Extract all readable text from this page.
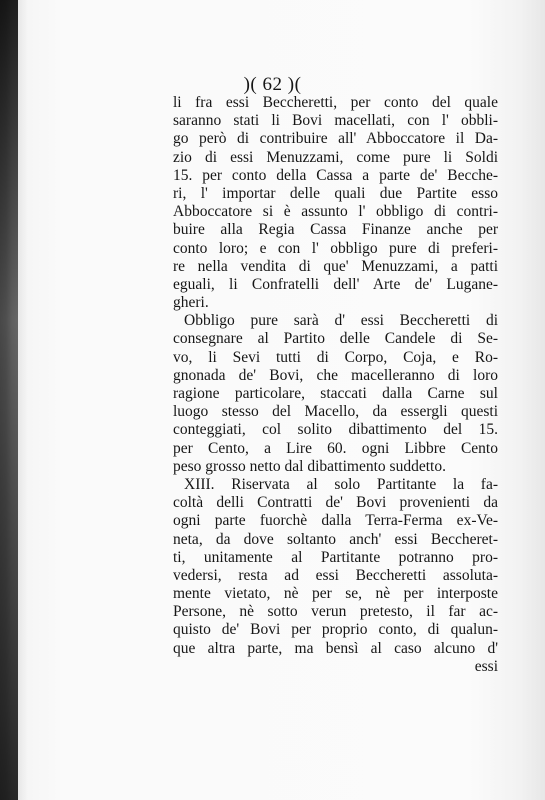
)( 62 )(
li fra essi Beccheretti, per conto del quale
saranno stati li Bovi macellati, con l' obbli-
go però di contribuire all' Abboccatore il Da-
zio di essi Menuzzami, come pure li Soldi
15. per conto della Cassa a parte de' Becche-
ri, l' importar delle quali due Partite esso
Abboccatore si è assunto l' obbligo di contri-
buire alla Regia Cassa Finanze anche per
conto loro; e con l' obbligo pure di preferi-
re nella vendita di que' Menuzzami, a patti
eguali, li Confratelli dell' Arte de' Lugane-
gheri.
Obbligo pure sarà d' essi Beccheretti di
consegnare al Partito delle Candele di Se-
vo, li Sevi tutti di Corpo, Coja, e Ro-
gnonada de' Bovi, che macelleranno di loro
ragione particolare, staccati dalla Carne sul
luogo stesso del Macello, da essergli questi
conteggiati, col solito dibattimento del 15.
per Cento, a Lire 60. ogni Libbre Cento
peso grosso netto dal dibattimento suddetto.
XIII. Riservata al solo Partitante la fa-
coltà delli Contratti de' Bovi provenienti da
ogni parte fuorchè dalla Terra-Ferma ex-Ve-
neta, da dove soltanto anch' essi Beccheret-
ti, unitamente al Partitante potranno pro-
vedersi, resta ad essi Beccheretti assoluta-
mente vietato, nè per se, nè per interposte
Persone, nè sotto verun pretesto, il far ac-
quisto de' Bovi per proprio conto, di qualun-
que altra parte, ma bensì al caso alcuno d'
essi
